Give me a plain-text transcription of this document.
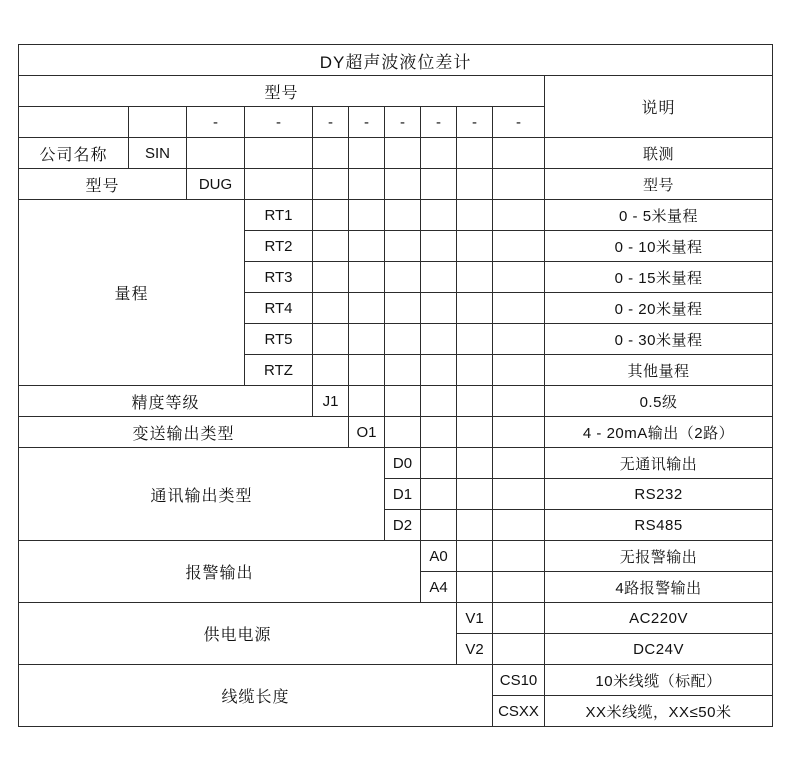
DY超声波液位差计										
型号										说明
		-	-	-	-	-	-	-	-	
公司名称	SIN									联测
型号		DUG								型号
量程			RT1							0 - 5米量程
			RT2							0 - 10米量程
			RT3							0 - 15米量程
			RT4							0 - 20米量程
			RT5							0 - 30米量程
			RTZ							其他量程
精度等级				J1						0.5级
变送输出类型					O1					4 - 20mA输出（2路）
通讯输出类型						D0				无通讯输出
						D1				RS232
						D2				RS485
报警输出							A0			无报警输出
							A4			4路报警输出
供电电源								V1		AC220V
								V2		DC24V
线缆长度									CS10	10米线缆（标配）
									CSXX	XX米线缆，XX≤50米
